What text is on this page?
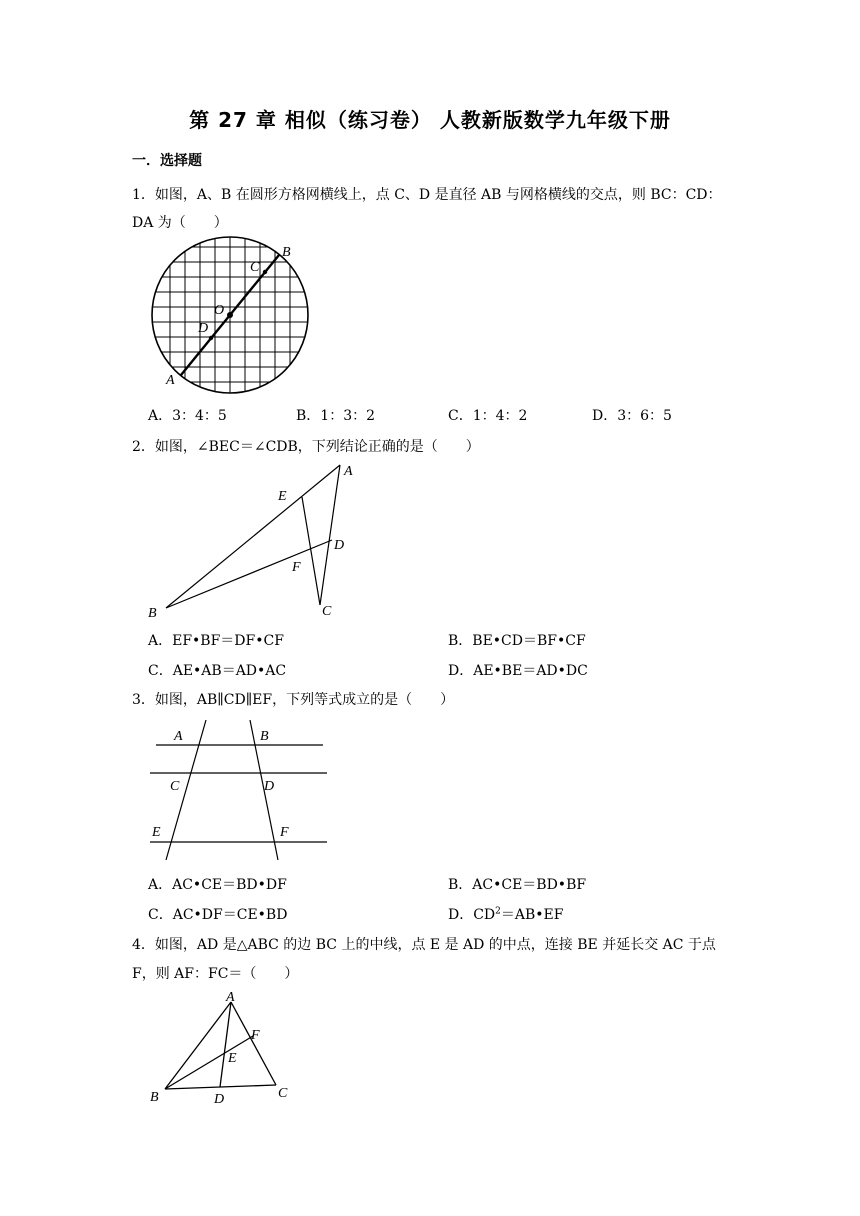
第 27 章 相似（练习卷） 人教新版数学九年级下册
一．选择题
1．如图，A、B 在圆形方格网横线上，点 C、D 是直径 AB 与网格横线的交点，则 BC：CD：
DA 为（　　）
A
B
C
D
O
A．3：4：5	B．1：3：2	C．1：4：2	D．3：6：5
2．如图，∠BEC＝∠CDB，下列结论正确的是（　　）
A
B	C
D
E
F
A．EF•BF＝DF•CF	B．BE•CD＝BF•CF
C．AE•AB＝AD•AC	D．AE•BE＝AD•DC
3．如图，AB∥CD∥EF，下列等式成立的是（　　）
A	B
C	D
E	F
A．AC•CE＝BD•DF	B．AC•CE＝BD•BF
C．AC•DF＝CE•BD	D．$CD^2=AB•EF$
4．如图，AD 是△ABC 的边 BC 上的中线，点 E 是 AD 的中点，连接 BE 并延长交 AC 于点
F，则 AF：FC＝（　　）
A
B	C
D
E
F
